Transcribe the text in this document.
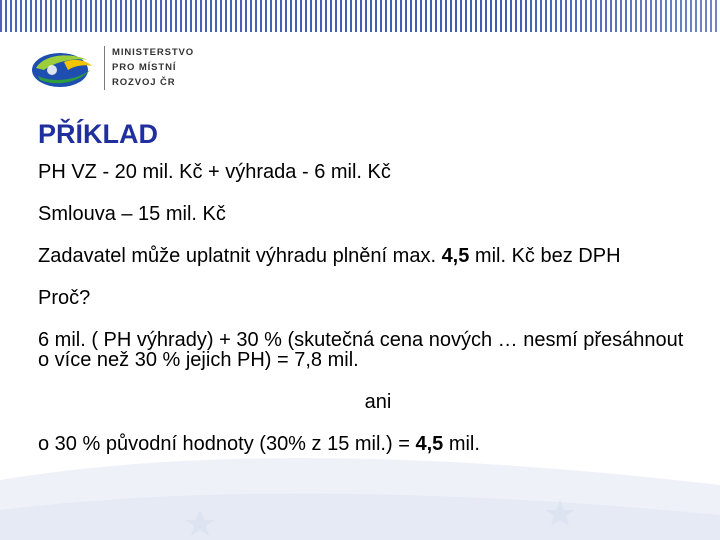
MINISTERSTVO
PRO MÍSTNÍ
ROZVOJ ČR
PŘÍKLAD
PH VZ - 20 mil. Kč + výhrada - 6 mil. Kč
Smlouva – 15 mil. Kč
Zadavatel může uplatnit výhradu plnění max. 4,5 mil. Kč bez DPH
Proč?
6 mil. ( PH výhrady) + 30 % (skutečná cena nových … nesmí přesáhnout o více než 30 % jejich PH) = 7,8 mil.
ani
o 30 % původní hodnoty (30% z 15 mil.) = 4,5 mil.
